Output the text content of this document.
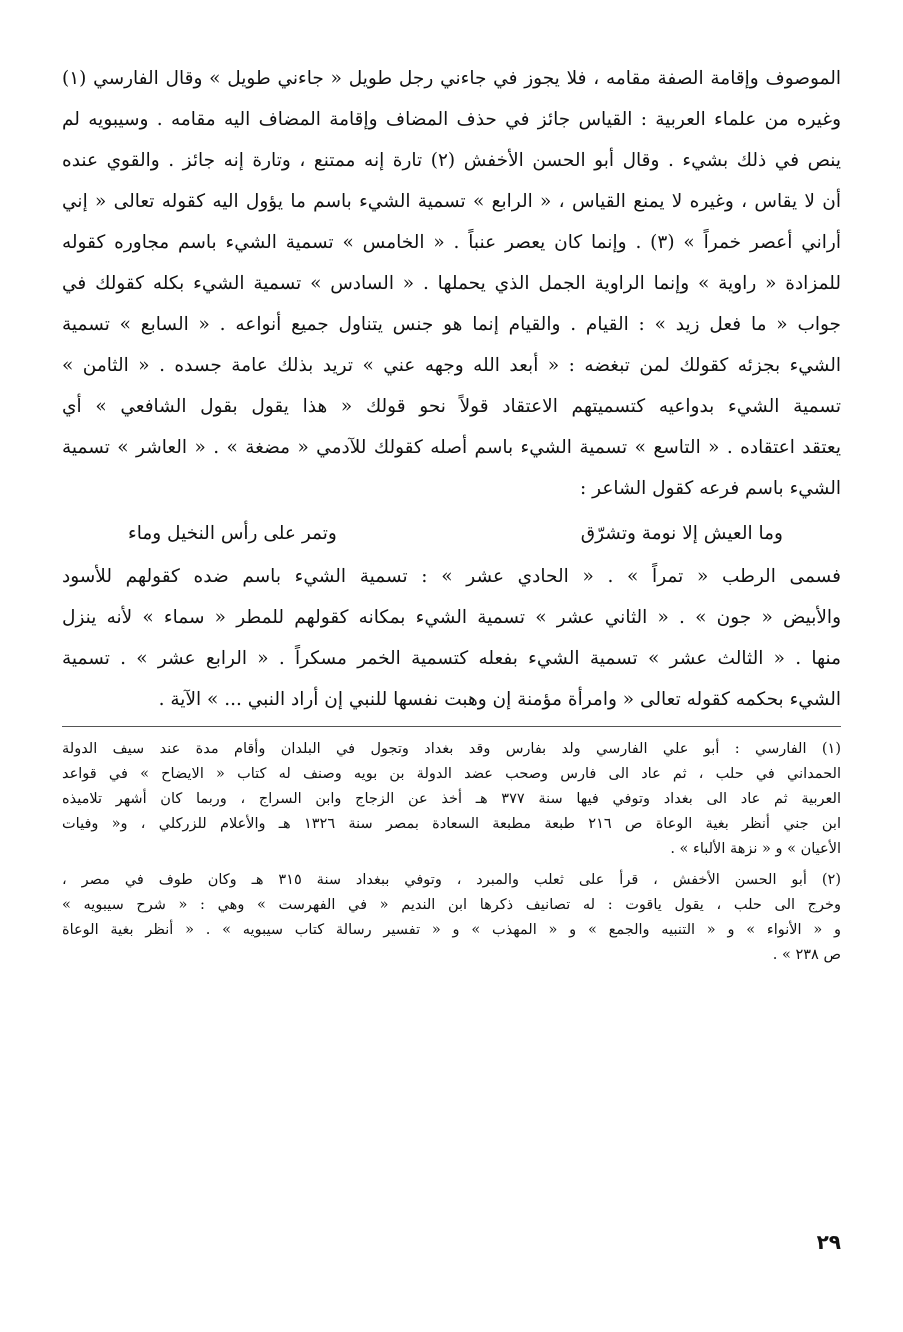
الموصوف وإقامة الصفة مقامه ، فلا يجوز في جاءني رجل طويل « جاءني طويل » وقال الفارسي (١)
وغيره من علماء العربية : القياس جائز في حذف المضاف وإقامة المضاف اليه مقامه . وسيبويه لم
ينص في ذلك بشيء . وقال أبو الحسن الأخفش (٢) تارة إنه ممتنع ، وتارة إنه جائز . والقوي عنده
أن لا يقاس ، وغيره لا يمنع القياس ، « الرابع » تسمية الشيء باسم ما يؤول اليه كقوله تعالى « إني
أراني أعصر خمراً » (٣) . وإنما كان يعصر عنباً . « الخامس » تسمية الشيء باسم مجاوره كقوله
للمزادة « راوية » وإنما الراوية الجمل الذي يحملها . « السادس » تسمية الشيء بكله كقولك في
جواب « ما فعل زيد » : القيام . والقيام إنما هو جنس يتناول جميع أنواعه . « السابع » تسمية
الشيء بجزئه كقولك لمن تبغضه : « أبعد الله وجهه عني » تريد بذلك عامة جسده . « الثامن »
تسمية الشيء بدواعيه كتسميتهم الاعتقاد قولاً نحو قولك « هذا يقول بقول الشافعي » أي
يعتقد اعتقاده . « التاسع » تسمية الشيء باسم أصله كقولك للآدمي « مضغة » . « العاشر » تسمية
الشيء باسم فرعه كقول الشاعر :
وما العيش إلا نومة وتشرّق
وتمر على رأس النخيل وماء
فسمى الرطب « تمراً » . « الحادي عشر » : تسمية الشيء باسم ضده كقولهم للأسود
والأبيض « جون » . « الثاني عشر » تسمية الشيء بمكانه كقولهم للمطر « سماء » لأنه ينزل
منها . « الثالث عشر » تسمية الشيء بفعله كتسمية الخمر مسكراً . « الرابع عشر » . تسمية
الشيء بحكمه كقوله تعالى « وامرأة مؤمنة إن وهبت نفسها للنبي إن أراد النبي ... » الآية .
(١) الفارسي : أبو علي الفارسي ولد بفارس وقد بغداد وتجول في البلدان وأقام مدة عند سيف الدولة
الحمداني في حلب ، ثم عاد الى فارس وصحب عضد الدولة بن بويه وصنف له كتاب « الايضاح » في قواعد
العربية ثم عاد الى بغداد وتوفي فيها سنة ٣٧٧ هـ أخذ عن الزجاج وابن السراج ، وربما كان أشهر تلاميذه
ابن جني أنظر بغية الوعاة ص ٢١٦ طبعة مطبعة السعادة بمصر سنة ١٣٢٦ هـ والأعلام للزركلي ، و« وفيات
الأعيان » و « نزهة الألباء » .
(٢) أبو الحسن الأخفش ، قرأ على ثعلب والمبرد ، وتوفي ببغداد سنة ٣١٥ هـ وكان طوف في مصر ،
وخرج الى حلب ، يقول ياقوت : له تصانيف ذكرها ابن النديم « في الفهرست » وهي : « شرح سيبويه »
و « الأنواء » و « التنبيه والجمع » و « المهذب » و « تفسير رسالة كتاب سيبويه » . « أنظر بغية الوعاة
ص ٢٣٨ » .
٢٩
